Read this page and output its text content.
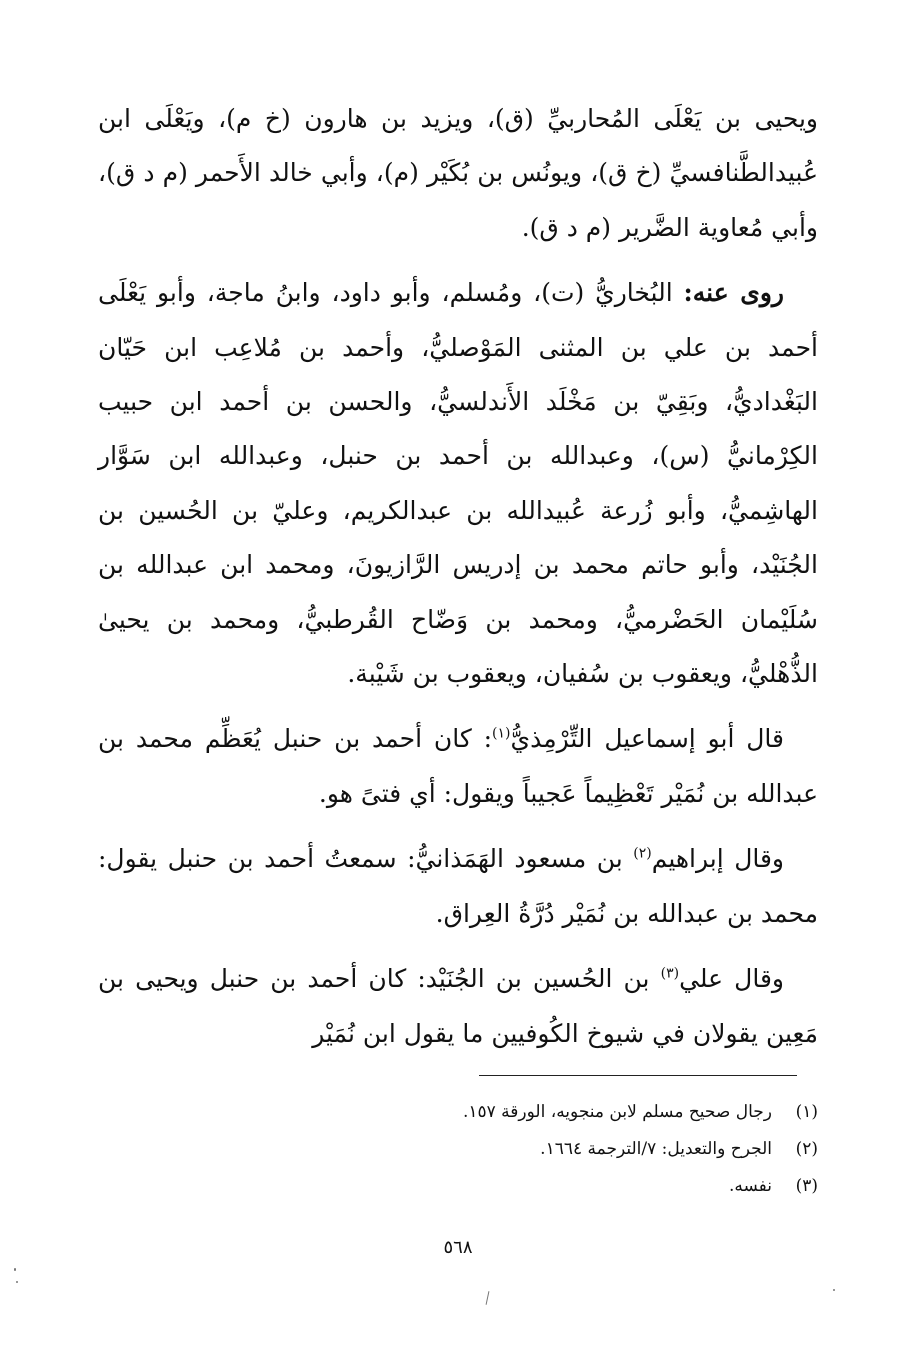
ويحيى بن يَعْلَى المُحاربيِّ (ق)، ويزيد بن هارون (خ م)، ويَعْلَى ابن عُبيدالطَّنافسيِّ (خ ق)، ويونُس بن بُكَيْر (م)، وأبي خالد الأَحمر (م د ق)، وأبي مُعاوية الضَّرير (م د ق).

روى عنه: البُخاريُّ (ت)، ومُسلم، وأبو داود، وابنُ ماجة، وأبو يَعْلَى أحمد بن علي بن المثنى المَوْصليُّ، وأحمد بن مُلاعِب ابن حَيّان البَغْداديُّ، وبَقِيّ بن مَخْلَد الأَندلسيُّ، والحسن بن أحمد ابن حبيب الكِرْمانيُّ (س)، وعبدالله بن أحمد بن حنبل، وعبدالله ابن سَوَّار الهاشِميُّ، وأبو زُرعة عُبيدالله بن عبدالكريم، وعليّ بن الحُسين بن الجُنَيْد، وأبو حاتم محمد بن إدريس الرَّازيونَ، ومحمد ابن عبدالله بن سُلَيْمان الحَضْرميُّ، ومحمد بن وَضّاح القُرطبيُّ، ومحمد بن يحيىٰ الذُّهْليُّ، ويعقوب بن سُفيان، ويعقوب بن شَيْبة.

قال أبو إسماعيل التِّرْمِذيُّ$^{(١)}$: كان أحمد بن حنبل يُعَظِّم محمد بن عبدالله بن نُمَيْر تَعْظِيماً عَجيباً ويقول: أي فتىً هو.

وقال إبراهيم$^{(٢)}$ بن مسعود الهَمَذانيُّ: سمعتُ أحمد بن حنبل يقول: محمد بن عبدالله بن نُمَيْر دُرَّةُ العِراق.

وقال علي$^{(٣)}$ بن الحُسين بن الجُنَيْد: كان أحمد بن حنبل ويحيى بن مَعِين يقولان في شيوخ الكُوفيين ما يقول ابن نُمَيْر

(١)رجال صحيح مسلم لابن منجويه، الورقة ١٥٧.

(٢)الجرح والتعديل: ٧/الترجمة ١٦٦٤.

(٣)نفسه.

٥٦٨
